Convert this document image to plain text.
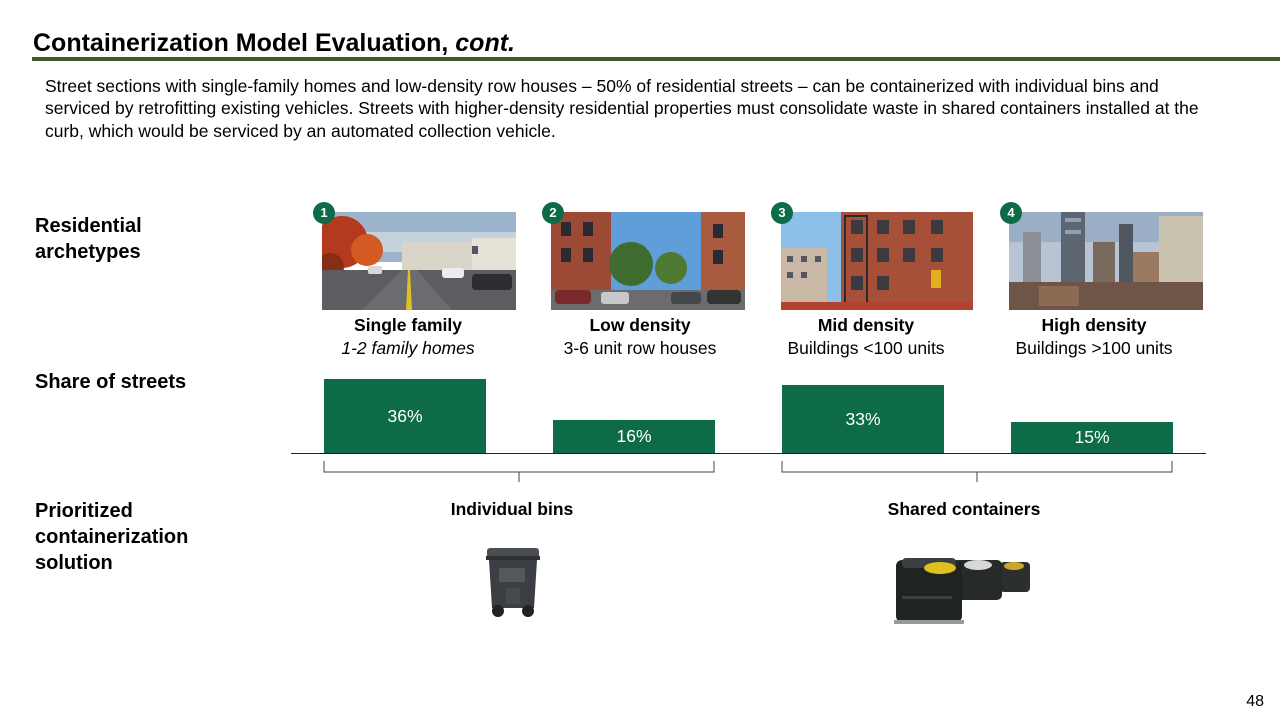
Containerization Model Evaluation, cont.
Street sections with single-family homes and low-density row houses – 50% of residential streets – can be containerized with individual bins and serviced by retrofitting existing vehicles. Streets with higher-density residential properties must consolidate waste in shared containers installed at the curb, which would be serviced by an automated collection vehicle.
Residential
archetypes
Share of streets
Prioritized
containerization
solution
1	2	3	4
Single family
1-2 family homes
Low density
3-6 unit row houses
Mid density
Buildings <100 units
High density
Buildings >100 units
36%
16%
33%
15%
Individual bins	Shared containers
48
